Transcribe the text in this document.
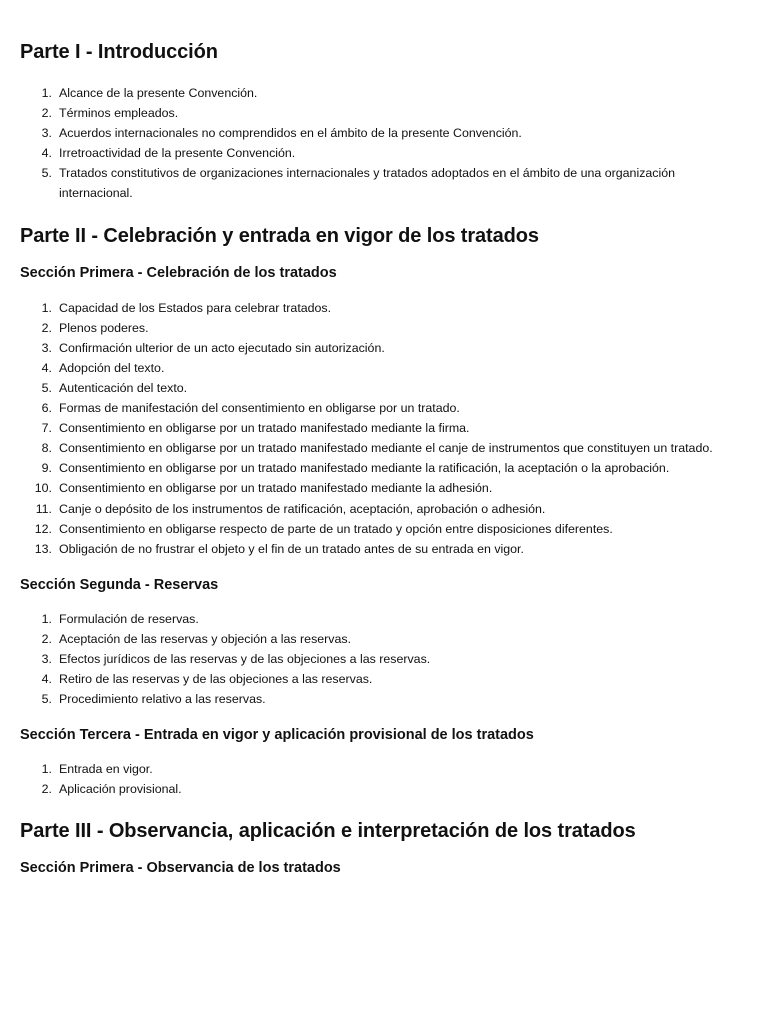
Parte I - Introducción
1. Alcance de la presente Convención.
2. Términos empleados.
3. Acuerdos internacionales no comprendidos en el ámbito de la presente Convención.
4. Irretroactividad de la presente Convención.
5. Tratados constitutivos de organizaciones internacionales y tratados adoptados en el ámbito de una organización internacional.
Parte II - Celebración y entrada en vigor de los tratados
Sección Primera - Celebración de los tratados
1. Capacidad de los Estados para celebrar tratados.
2. Plenos poderes.
3. Confirmación ulterior de un acto ejecutado sin autorización.
4. Adopción del texto.
5. Autenticación del texto.
6. Formas de manifestación del consentimiento en obligarse por un tratado.
7. Consentimiento en obligarse por un tratado manifestado mediante la firma.
8. Consentimiento en obligarse por un tratado manifestado mediante el canje de instrumentos que constituyen un tratado.
9. Consentimiento en obligarse por un tratado manifestado mediante la ratificación, la aceptación o la aprobación.
10. Consentimiento en obligarse por un tratado manifestado mediante la adhesión.
11. Canje o depósito de los instrumentos de ratificación, aceptación, aprobación o adhesión.
12. Consentimiento en obligarse respecto de parte de un tratado y opción entre disposiciones diferentes.
13. Obligación de no frustrar el objeto y el fin de un tratado antes de su entrada en vigor.
Sección Segunda - Reservas
1. Formulación de reservas.
2. Aceptación de las reservas y objeción a las reservas.
3. Efectos jurídicos de las reservas y de las objeciones a las reservas.
4. Retiro de las reservas y de las objeciones a las reservas.
5. Procedimiento relativo a las reservas.
Sección Tercera - Entrada en vigor y aplicación provisional de los tratados
1. Entrada en vigor.
2. Aplicación provisional.
Parte III - Observancia, aplicación e interpretación de los tratados
Sección Primera - Observancia de los tratados
